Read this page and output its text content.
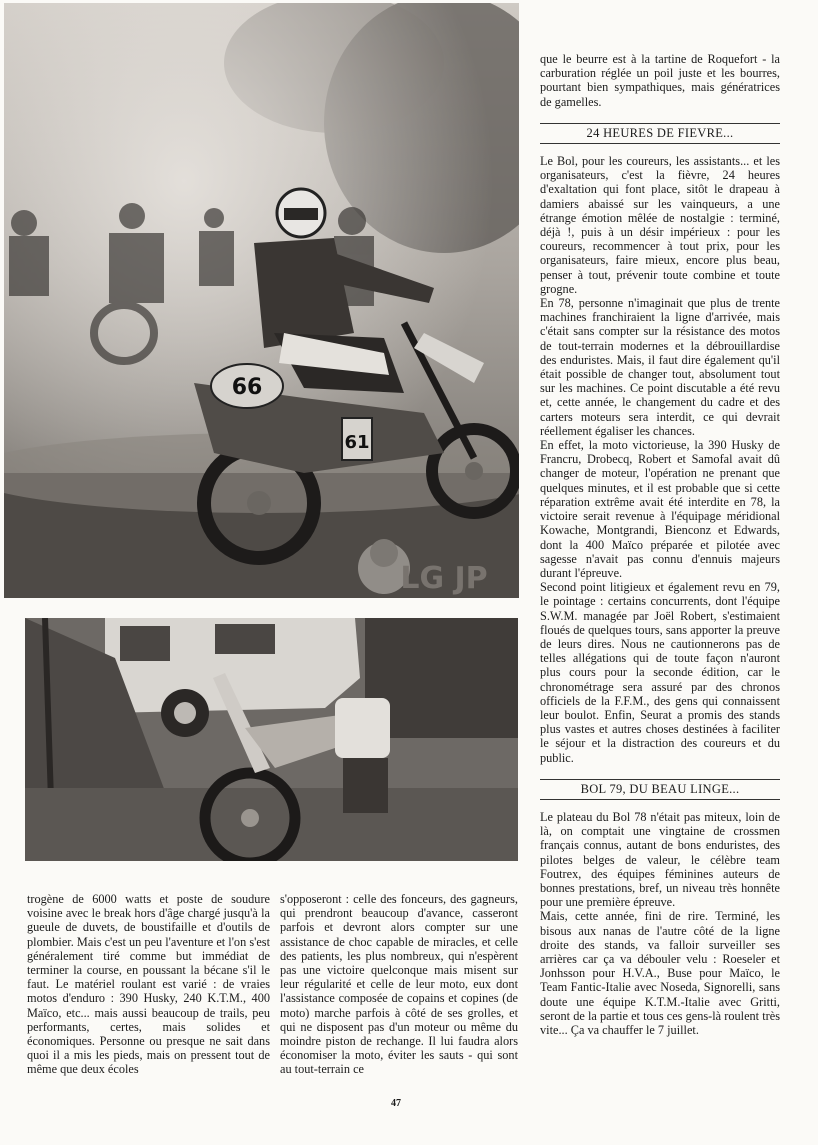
66
61
LG JP

que le beurre est à la tartine de Roquefort - la carburation réglée un poil juste et les bourres, pourtant bien sympathiques, mais génératrices de gamelles.

24 HEURES DE FIEVRE...

Le Bol, pour les coureurs, les assistants... et les organisateurs, c'est la fièvre, 24 heures d'exaltation qui font place, sitôt le drapeau à damiers abaissé sur les vainqueurs, a une étrange émotion mêlée de nostalgie : terminé, déjà !, puis à un désir impérieux : pour les coureurs, recommencer à tout prix, pour les organisateurs, faire mieux, encore plus beau, penser à tout, prévenir toute combine et toute grogne.

En 78, personne n'imaginait que plus de trente machines franchiraient la ligne d'arrivée, mais c'était sans compter sur la résistance des motos de tout-terrain modernes et la débrouillardise des enduristes. Mais, il faut dire également qu'il était possible de changer tout, absolument tout sur les machines. Ce point discutable a été revu et, cette année, le changement du cadre et des carters moteurs sera interdit, ce qui devrait réellement égaliser les chances.

En effet, la moto victorieuse, la 390 Husky de Francru, Drobecq, Robert et Samofal avait dû changer de moteur, l'opération ne prenant que quelques minutes, et il est probable que si cette réparation extrême avait été interdite en 78, la victoire serait revenue à l'équipage méridional Kowache, Montgrandi, Bienconz et Edwards, dont la 400 Maïco préparée et pilotée avec sagesse n'avait pas connu d'ennuis majeurs durant l'épreuve.

Second point litigieux et également revu en 79, le pointage : certains concurrents, dont l'équipe S.W.M. managée par Joël Robert, s'estimaient floués de quelques tours, sans apporter la preuve de leurs dires. Nous ne cautionnerons pas de telles allégations qui de toute façon n'auront plus cours pour la seconde édition, car le chronométrage sera assuré par des chronos officiels de la F.F.M., des gens qui connaissent leur boulot. Enfin, Seurat a promis des stands plus vastes et autres choses destinées à faciliter le séjour et la distraction des coureurs et du public.

BOL 79, DU BEAU LINGE...

Le plateau du Bol 78 n'était pas miteux, loin de là, on comptait une vingtaine de crossmen français connus, autant de bons enduristes, des pilotes belges de valeur, le célèbre team Foutrex, des équipes féminines auteurs de bonnes prestations, bref, un niveau très honnête pour une première épreuve.

Mais, cette année, fini de rire. Terminé, les bisous aux nanas de l'autre côté de la ligne droite des stands, va falloir surveiller ses arrières car ça va débouler velu : Roeseler et Jonhsson pour H.V.A., Buse pour Maïco, le Team Fantic-Italie avec Noseda, Signorelli, sans doute une équipe K.T.M.-Italie avec Gritti, seront de la partie et tous ces gens-là roulent très vite... Ça va chauffer le 7 juillet.

trogène de 6000 watts et poste de soudure voisine avec le break hors d'âge chargé jusqu'à la gueule de duvets, de boustifaille et d'outils de plombier. Mais c'est un peu l'aventure et l'on s'est généralement tiré comme but immédiat de terminer la course, en poussant la bécane s'il le faut. Le matériel roulant est varié : de vraies motos d'enduro : 390 Husky, 240 K.T.M., 400 Maïco, etc... mais aussi beaucoup de trails, peu performants, certes, mais solides et économiques. Personne ou presque ne sait dans quoi il a mis les pieds, mais on pressent tout de même que deux écoles

s'opposeront : celle des fonceurs, des gagneurs, qui prendront beaucoup d'avance, casseront parfois et devront alors compter sur une assistance de choc capable de miracles, et celle des patients, les plus nombreux, qui n'espèrent pas une victoire quelconque mais misent sur leur régularité et celle de leur moto, eux dont l'assistance composée de copains et copines (de moto) marche parfois à côté de ses grolles, et qui ne disposent pas d'un moteur ou même du moindre piston de rechange. Il lui faudra alors économiser la moto, éviter les sauts - qui sont au tout-terrain ce

47
